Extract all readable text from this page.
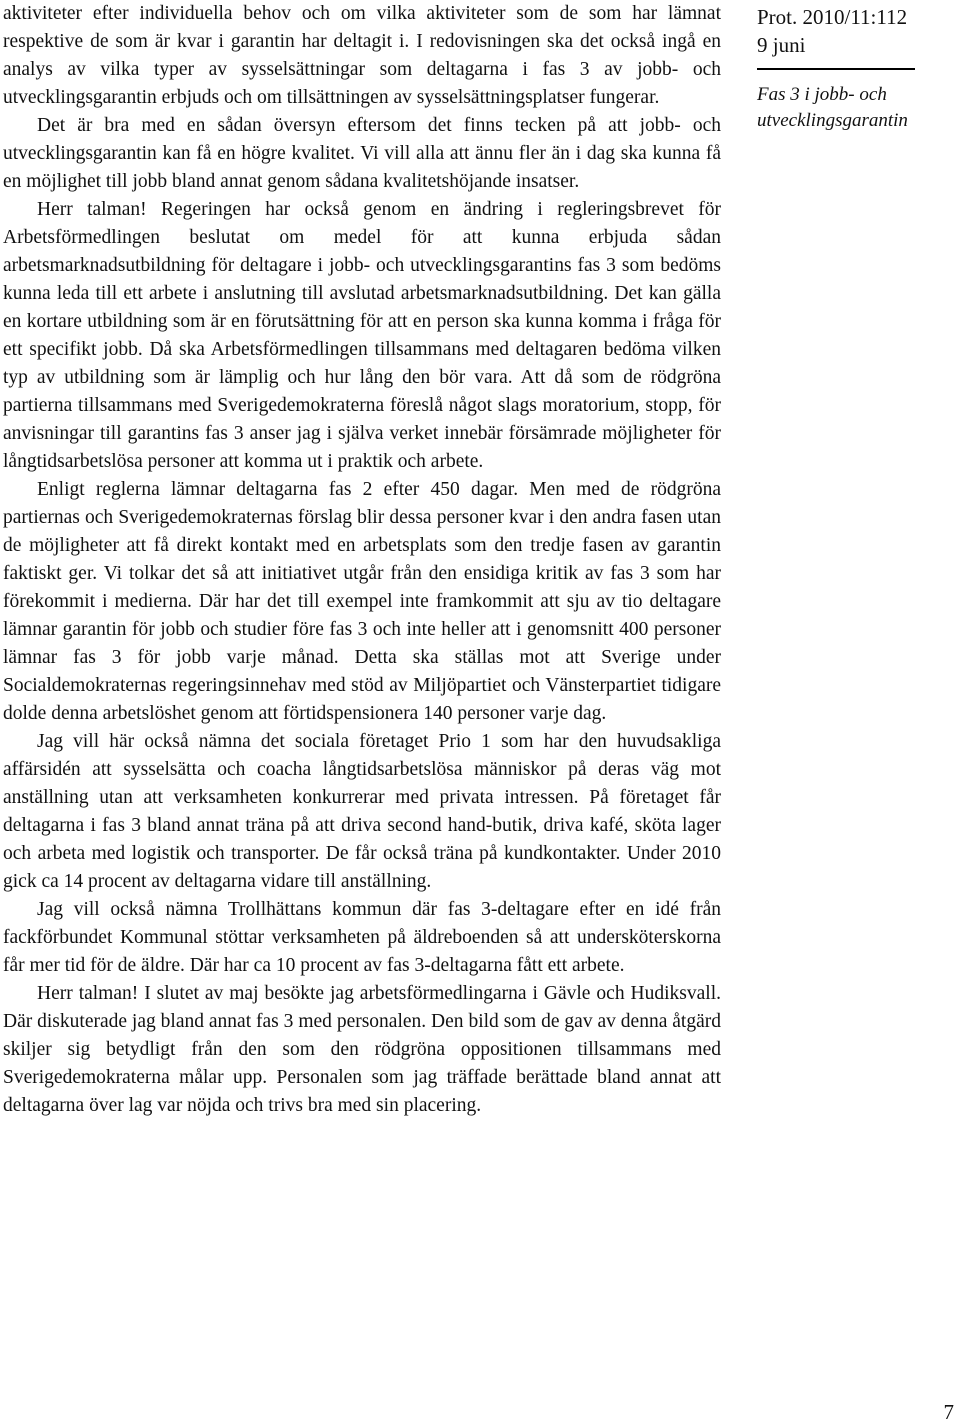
aktiviteter efter individuella behov och om vilka aktiviteter som de som har lämnat respektive de som är kvar i garantin har deltagit i. I redovisningen ska det också ingå en analys av vilka typer av sysselsättningar som deltagarna i fas 3 av jobb- och utvecklingsgarantin erbjuds och om tillsättningen av sysselsättningsplatser fungerar.

Det är bra med en sådan översyn eftersom det finns tecken på att jobb- och utvecklingsgarantin kan få en högre kvalitet. Vi vill alla att ännu fler än i dag ska kunna få en möjlighet till jobb bland annat genom sådana kvalitetshöjande insatser.

Herr talman! Regeringen har också genom en ändring i regleringsbrevet för Arbetsförmedlingen beslutat om medel för att kunna erbjuda sådan arbetsmarknadsutbildning för deltagare i jobb- och utvecklingsgarantins fas 3 som bedöms kunna leda till ett arbete i anslutning till avslutad arbetsmarknadsutbildning. Det kan gälla en kortare utbildning som är en förutsättning för att en person ska kunna komma i fråga för ett specifikt jobb. Då ska Arbetsförmedlingen tillsammans med deltagaren bedöma vilken typ av utbildning som är lämplig och hur lång den bör vara. Att då som de rödgröna partierna tillsammans med Sverigedemokraterna föreslå något slags moratorium, stopp, för anvisningar till garantins fas 3 anser jag i själva verket innebär försämrade möjligheter för långtidsarbetslösa personer att komma ut i praktik och arbete.

Enligt reglerna lämnar deltagarna fas 2 efter 450 dagar. Men med de rödgröna partiernas och Sverigedemokraternas förslag blir dessa personer kvar i den andra fasen utan de möjligheter att få direkt kontakt med en arbetsplats som den tredje fasen av garantin faktiskt ger. Vi tolkar det så att initiativet utgår från den ensidiga kritik av fas 3 som har förekommit i medierna. Där har det till exempel inte framkommit att sju av tio deltagare lämnar garantin för jobb och studier före fas 3 och inte heller att i genomsnitt 400 personer lämnar fas 3 för jobb varje månad. Detta ska ställas mot att Sverige under Socialdemokraternas regeringsinnehav med stöd av Miljöpartiet och Vänsterpartiet tidigare dolde denna arbetslöshet genom att förtidspensionera 140 personer varje dag.

Jag vill här också nämna det sociala företaget Prio 1 som har den huvudsakliga affärsidén att sysselsätta och coacha långtidsarbetslösa människor på deras väg mot anställning utan att verksamheten konkurrerar med privata intressen. På företaget får deltagarna i fas 3 bland annat träna på att driva second hand-butik, driva kafé, sköta lager och arbeta med logistik och transporter. De får också träna på kundkontakter. Under 2010 gick ca 14 procent av deltagarna vidare till anställning.

Jag vill också nämna Trollhättans kommun där fas 3-deltagare efter en idé från fackförbundet Kommunal stöttar verksamheten på äldreboenden så att undersköterskorna får mer tid för de äldre. Där har ca 10 procent av fas 3-deltagarna fått ett arbete.

Herr talman! I slutet av maj besökte jag arbetsförmedlingarna i Gävle och Hudiksvall. Där diskuterade jag bland annat fas 3 med personalen. Den bild som de gav av denna åtgärd skiljer sig betydligt från den som den rödgröna oppositionen tillsammans med Sverigedemokraterna målar upp. Personalen som jag träffade berättade bland annat att deltagarna över lag var nöjda och trivs bra med sin placering.

Prot. 2010/11:112
9 juni
Fas 3 i jobb- och utvecklingsgarantin
7
